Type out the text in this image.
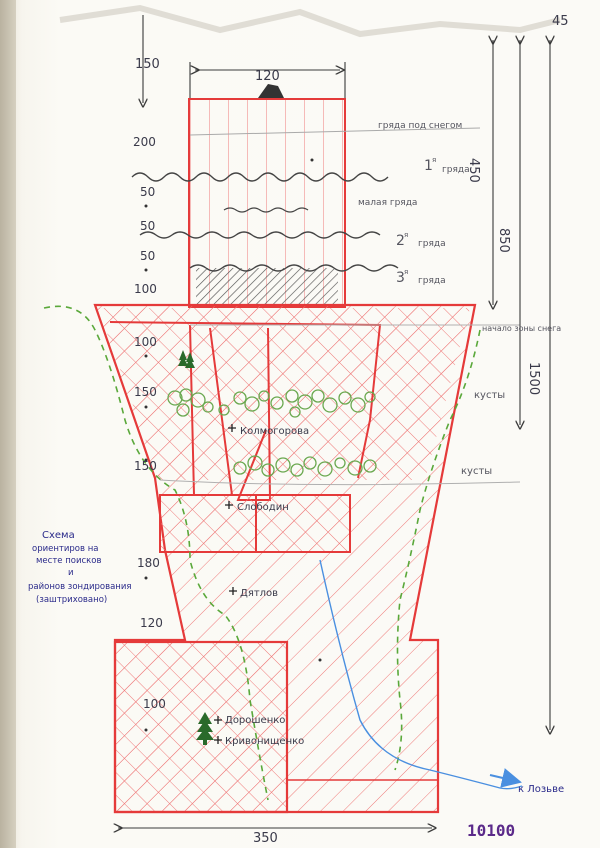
45
150
120
450
850
1500
350
200
50
50
50
100
100
150
150
180
120
100
гряда под снегом
1 я
гряда
малая гряда
2 я
гряда
3 я
гряда
начало зоны снега
кусты
кусты
Колмогорова
Слободин
Дятлов
Дорошенко
Кривонищенко
Схема
ориентиров на
месте поисков
и
районов зондирования
(заштриховано)
к Лозьве
10100
